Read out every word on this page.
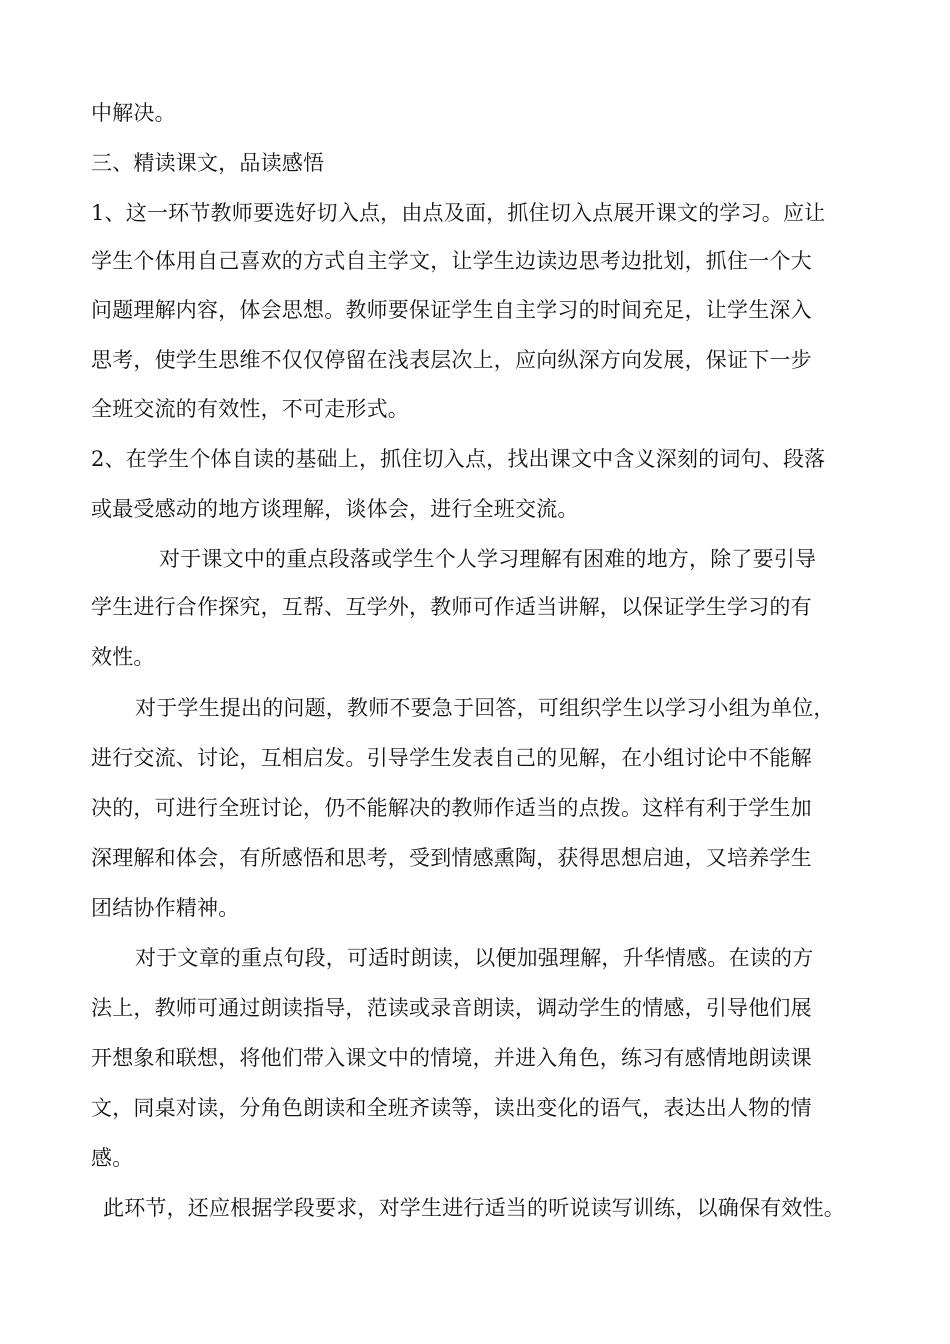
中解决。
三、精读课文，品读感悟
1、这一环节教师要选好切入点，由点及面，抓住切入点展开课文的学习。应让
学生个体用自己喜欢的方式自主学文，让学生边读边思考边批划，抓住一个大
问题理解内容，体会思想。教师要保证学生自主学习的时间充足，让学生深入
思考，使学生思维不仅仅停留在浅表层次上，应向纵深方向发展，保证下一步
全班交流的有效性，不可走形式。
2、在学生个体自读的基础上，抓住切入点，找出课文中含义深刻的词句、段落
或最受感动的地方谈理解，谈体会，进行全班交流。
对于课文中的重点段落或学生个人学习理解有困难的地方，除了要引导
学生进行合作探究，互帮、互学外，教师可作适当讲解，以保证学生学习的有
效性。
对于学生提出的问题，教师不要急于回答，可组织学生以学习小组为单位，
进行交流、讨论，互相启发。引导学生发表自己的见解，在小组讨论中不能解
决的，可进行全班讨论，仍不能解决的教师作适当的点拨。这样有利于学生加
深理解和体会，有所感悟和思考，受到情感熏陶，获得思想启迪，又培养学生
团结协作精神。
对于文章的重点句段，可适时朗读，以便加强理解，升华情感。在读的方
法上，教师可通过朗读指导，范读或录音朗读，调动学生的情感，引导他们展
开想象和联想，将他们带入课文中的情境，并进入角色，练习有感情地朗读课
文，同桌对读，分角色朗读和全班齐读等，读出变化的语气，表达出人物的情
感。
此环节，还应根据学段要求，对学生进行适当的听说读写训练，以确保有效性。
